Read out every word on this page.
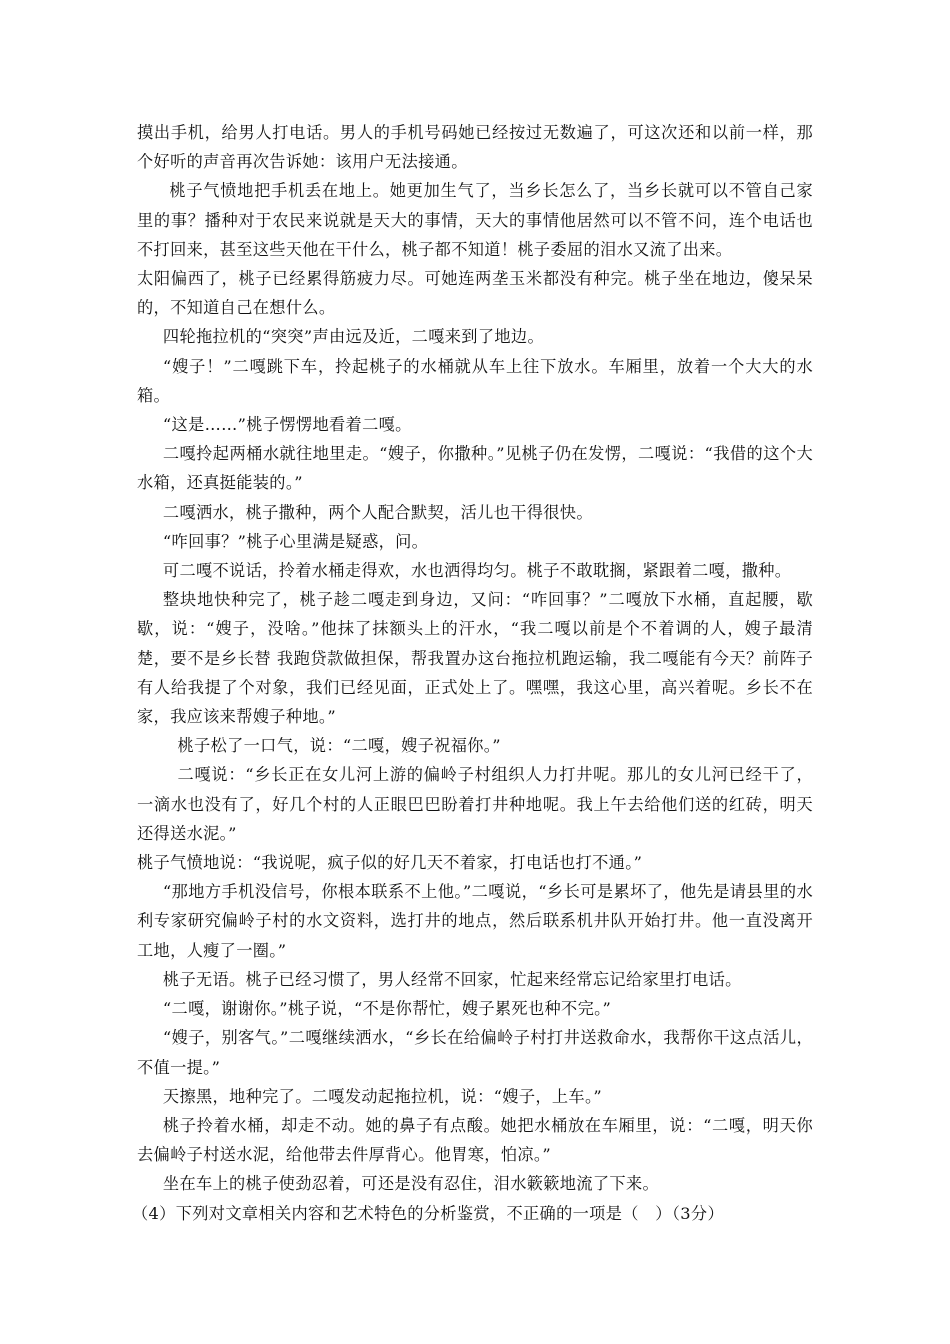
摸出手机，给男人打电话。男人的手机号码她已经按过无数遍了，可这次还和以前一样，那个好听的声音再次告诉她：该用户无法接通。

桃子气愤地把手机丢在地上。她更加生气了，当乡长怎么了，当乡长就可以不管自己家里的事？播种对于农民来说就是天大的事情，天大的事情他居然可以不管不问，连个电话也不打回来，甚至这些天他在干什么，桃子都不知道！桃子委屈的泪水又流了出来。

太阳偏西了，桃子已经累得筋疲力尽。可她连两垄玉米都没有种完。桃子坐在地边，傻呆呆的，不知道自己在想什么。

四轮拖拉机的“突突”声由远及近，二嘎来到了地边。

“嫂子！”二嘎跳下车，拎起桃子的水桶就从车上往下放水。车厢里，放着一个大大的水箱。

“这是……”桃子愣愣地看着二嘎。

二嘎拎起两桶水就往地里走。“嫂子，你撒种。”见桃子仍在发愣，二嘎说：“我借的这个大水箱，还真挺能装的。”

二嘎洒水，桃子撒种，两个人配合默契，活儿也干得很快。

“咋回事？”桃子心里满是疑惑，问。

可二嘎不说话，拎着水桶走得欢，水也洒得均匀。桃子不敢耽搁，紧跟着二嘎，撒种。

整块地快种完了，桃子趁二嘎走到身边，又问：“咋回事？”二嘎放下水桶，直起腰，歇歇，说：“嫂子，没啥。”他抹了抹额头上的汗水，“我二嘎以前是个不着调的人，嫂子最清楚，要不是乡长替 我跑贷款做担保，帮我置办这台拖拉机跑运输，我二嘎能有今天？前阵子有人给我提了个对象，我们已经见面，正式处上了。嘿嘿，我这心里，高兴着呢。乡长不在家，我应该来帮嫂子种地。”

桃子松了一口气，说：“二嘎，嫂子祝福你。”

二嘎说：“乡长正在女儿河上游的偏岭子村组织人力打井呢。那儿的女儿河已经干了，一滴水也没有了，好几个村的人正眼巴巴盼着打井种地呢。我上午去给他们送的红砖，明天还得送水泥。”

桃子气愤地说：“我说呢，疯子似的好几天不着家，打电话也打不通。”

“那地方手机没信号，你根本联系不上他。”二嘎说，“乡长可是累坏了，他先是请县里的水利专家研究偏岭子村的水文资料，选打井的地点，然后联系机井队开始打井。他一直没离开工地，人瘦了一圈。”

桃子无语。桃子已经习惯了，男人经常不回家，忙起来经常忘记给家里打电话。

“二嘎，谢谢你。”桃子说，“不是你帮忙，嫂子累死也种不完。”

“嫂子，别客气。”二嘎继续洒水，“乡长在给偏岭子村打井送救命水，我帮你干这点活儿，不值一提。”

天擦黑，地种完了。二嘎发动起拖拉机，说：“嫂子，上车。”

桃子拎着水桶，却走不动。她的鼻子有点酸。她把水桶放在车厢里，说：“二嘎，明天你去偏岭子村送水泥，给他带去件厚背心。他胃寒，怕凉。”

坐在车上的桃子使劲忍着，可还是没有忍住，泪水簌簌地流了下来。

（4）下列对文章相关内容和艺术特色的分析鉴赏，不正确的一项是（　）（3分）
